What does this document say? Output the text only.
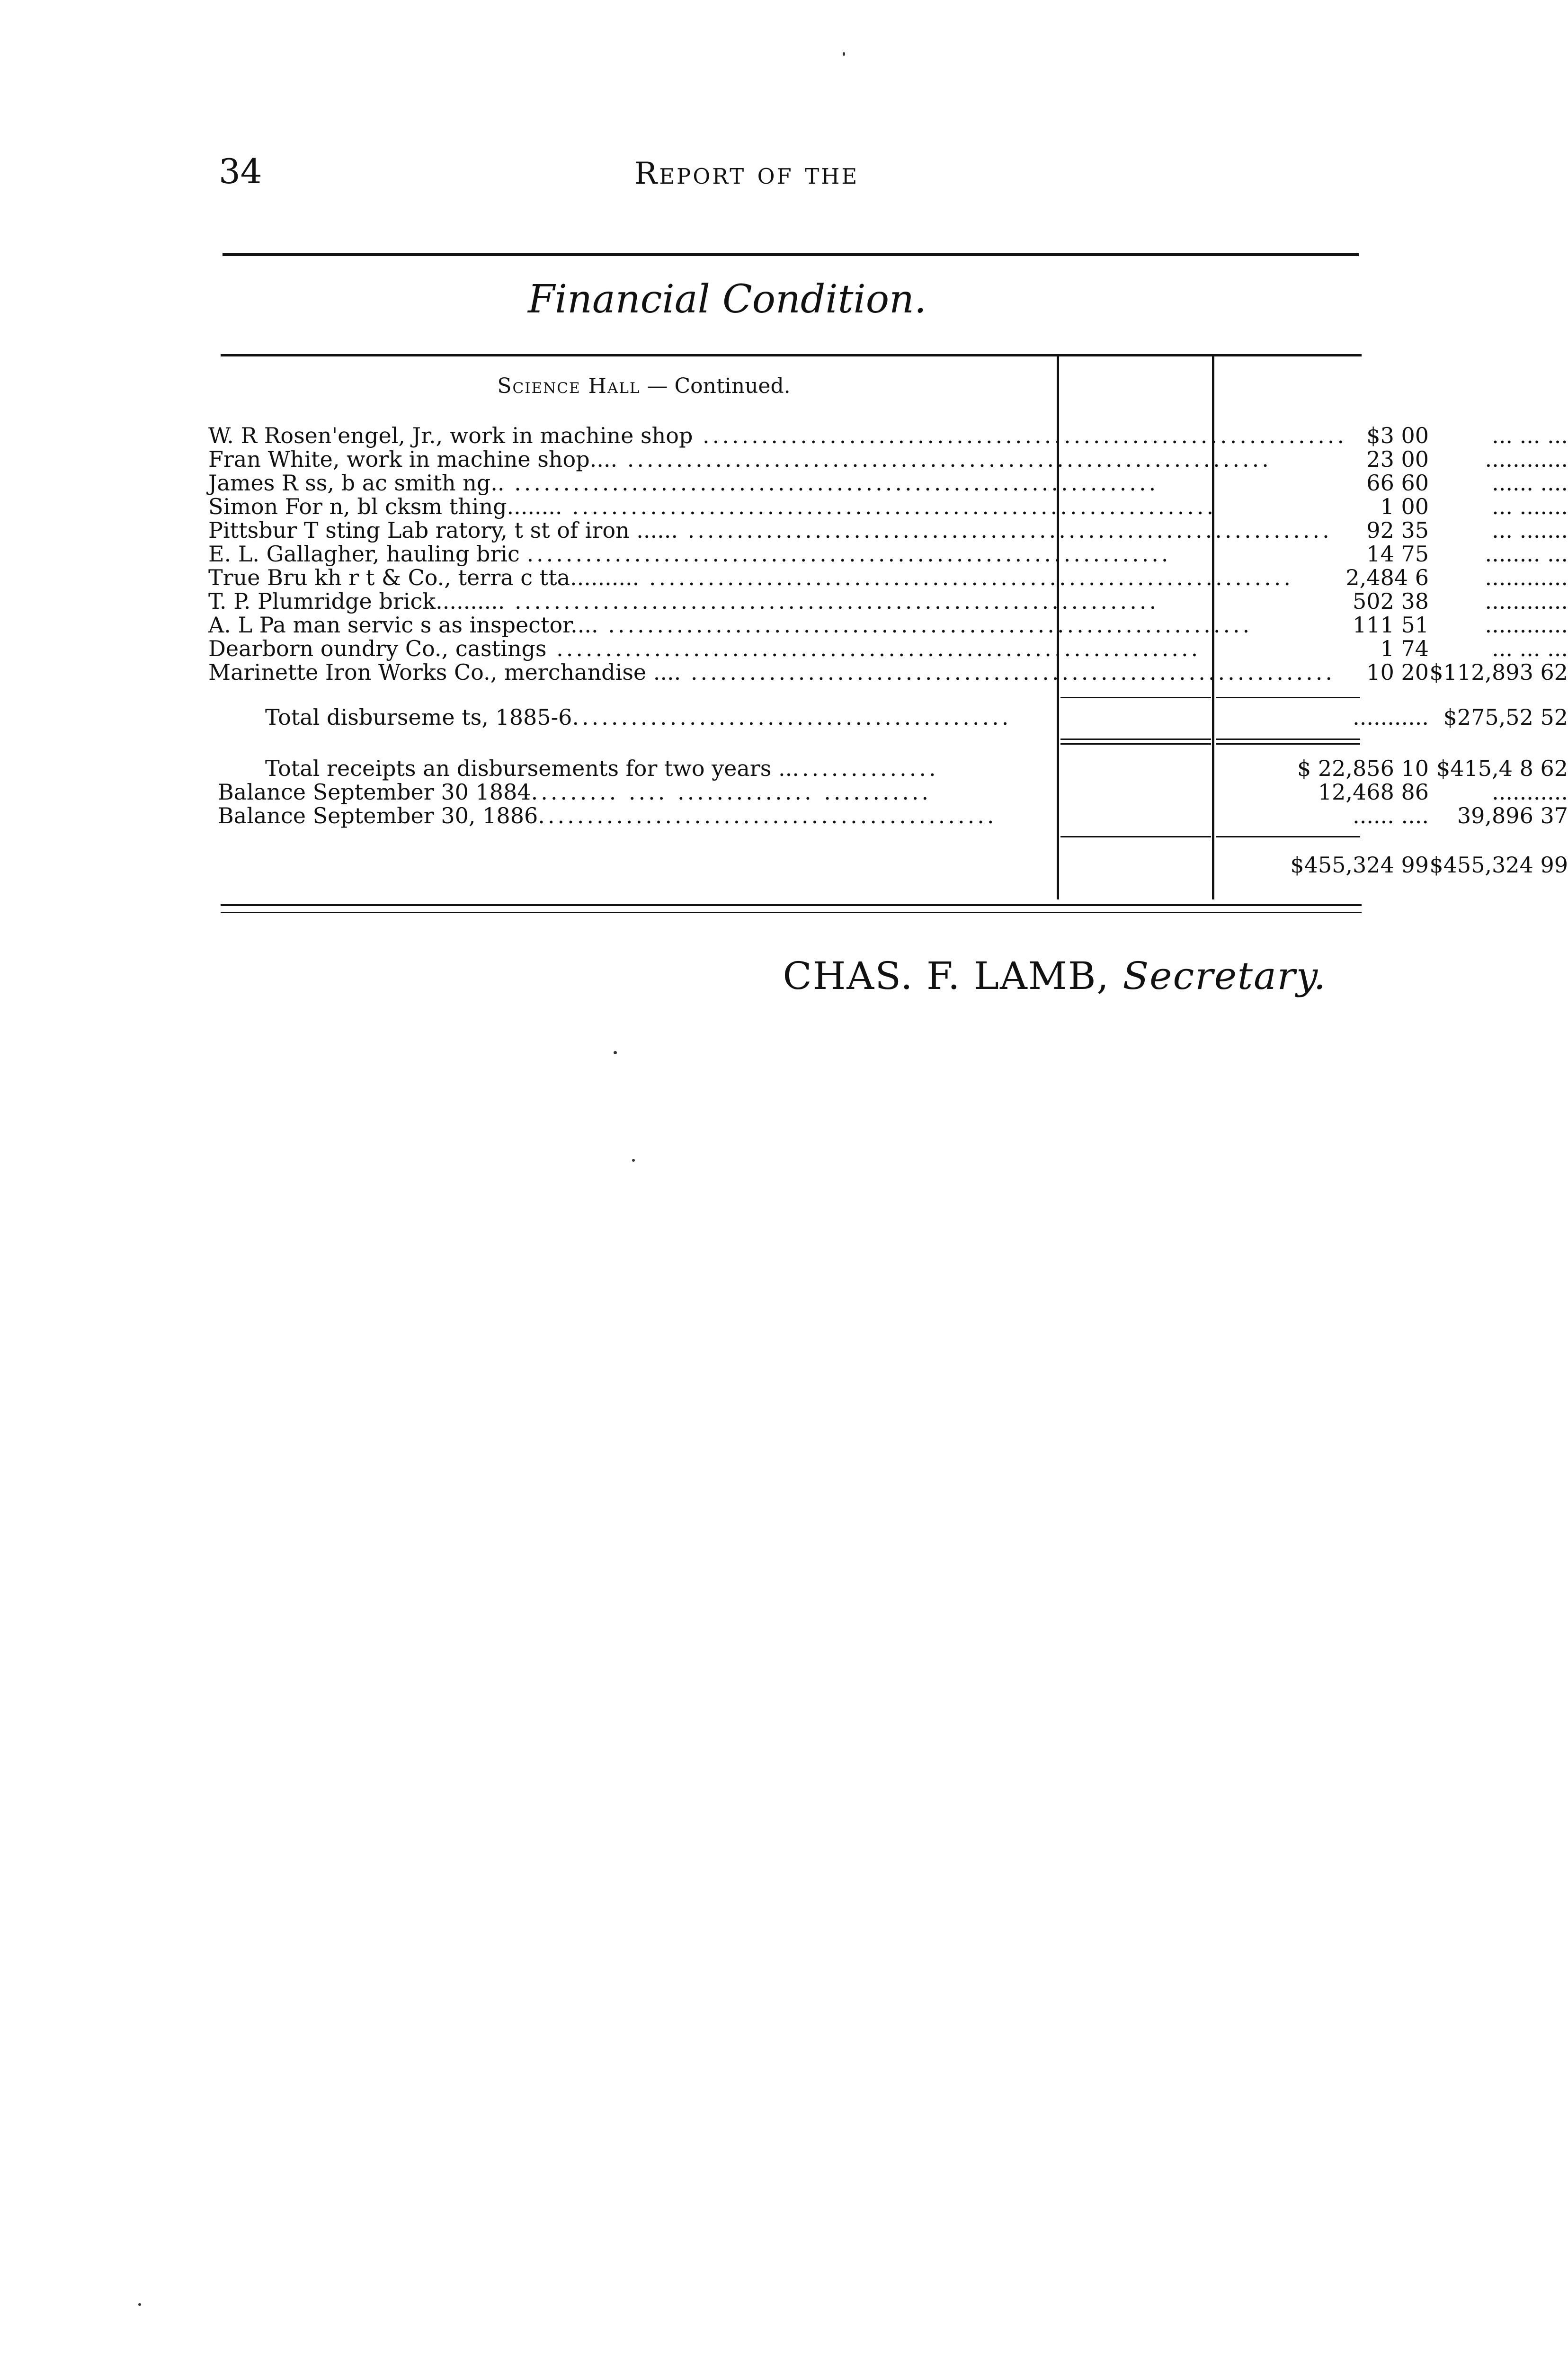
34	Report of the
Financial Condition.
Science Hall — Continued.
W. R Rosen'engel, Jr., work in machine shop .................................................................. $3 00	... ... ...
Fran White, work in machine shop.... ..................................................................	23 00	............
James R ss, b ac smith ng.. ..................................................................	66 60	...... ....
Simon For n, bl cksm thing........ ..................................................................	1 00	... .......
Pittsbur T sting Lab ratory, t st of iron ...... ..................................................................	92 35	... .......
E. L. Gallagher, hauling bric ..................................................................	14 75	........ ...
True Bru kh r t & Co., terra c tta.......... ..................................................................	2,484 6	............
T. P. Plumridge brick.......... ..................................................................	502 38	............
A. L Pa man servic s as inspector.... ..................................................................	111 51	............
Dearborn oundry Co., castings ..................................................................	1 74	... ... ...
Marinette Iron Works Co., merchandise .... ..................................................................	10 20 $112,893 62
Total disburseme ts, 1885-6.............................................	........... $275,52 52
Total receipts an disbursements for two years .................	$ 22,856 10 $415,4 8 62
Balance September 30 1884......... .... .............. ...........	12,468 86	...........
Balance September 30, 1886...............................................	...... ....	39,896 37
$455,324 99 $455,324 99
CHAS. F. LAMB, Secretary.
